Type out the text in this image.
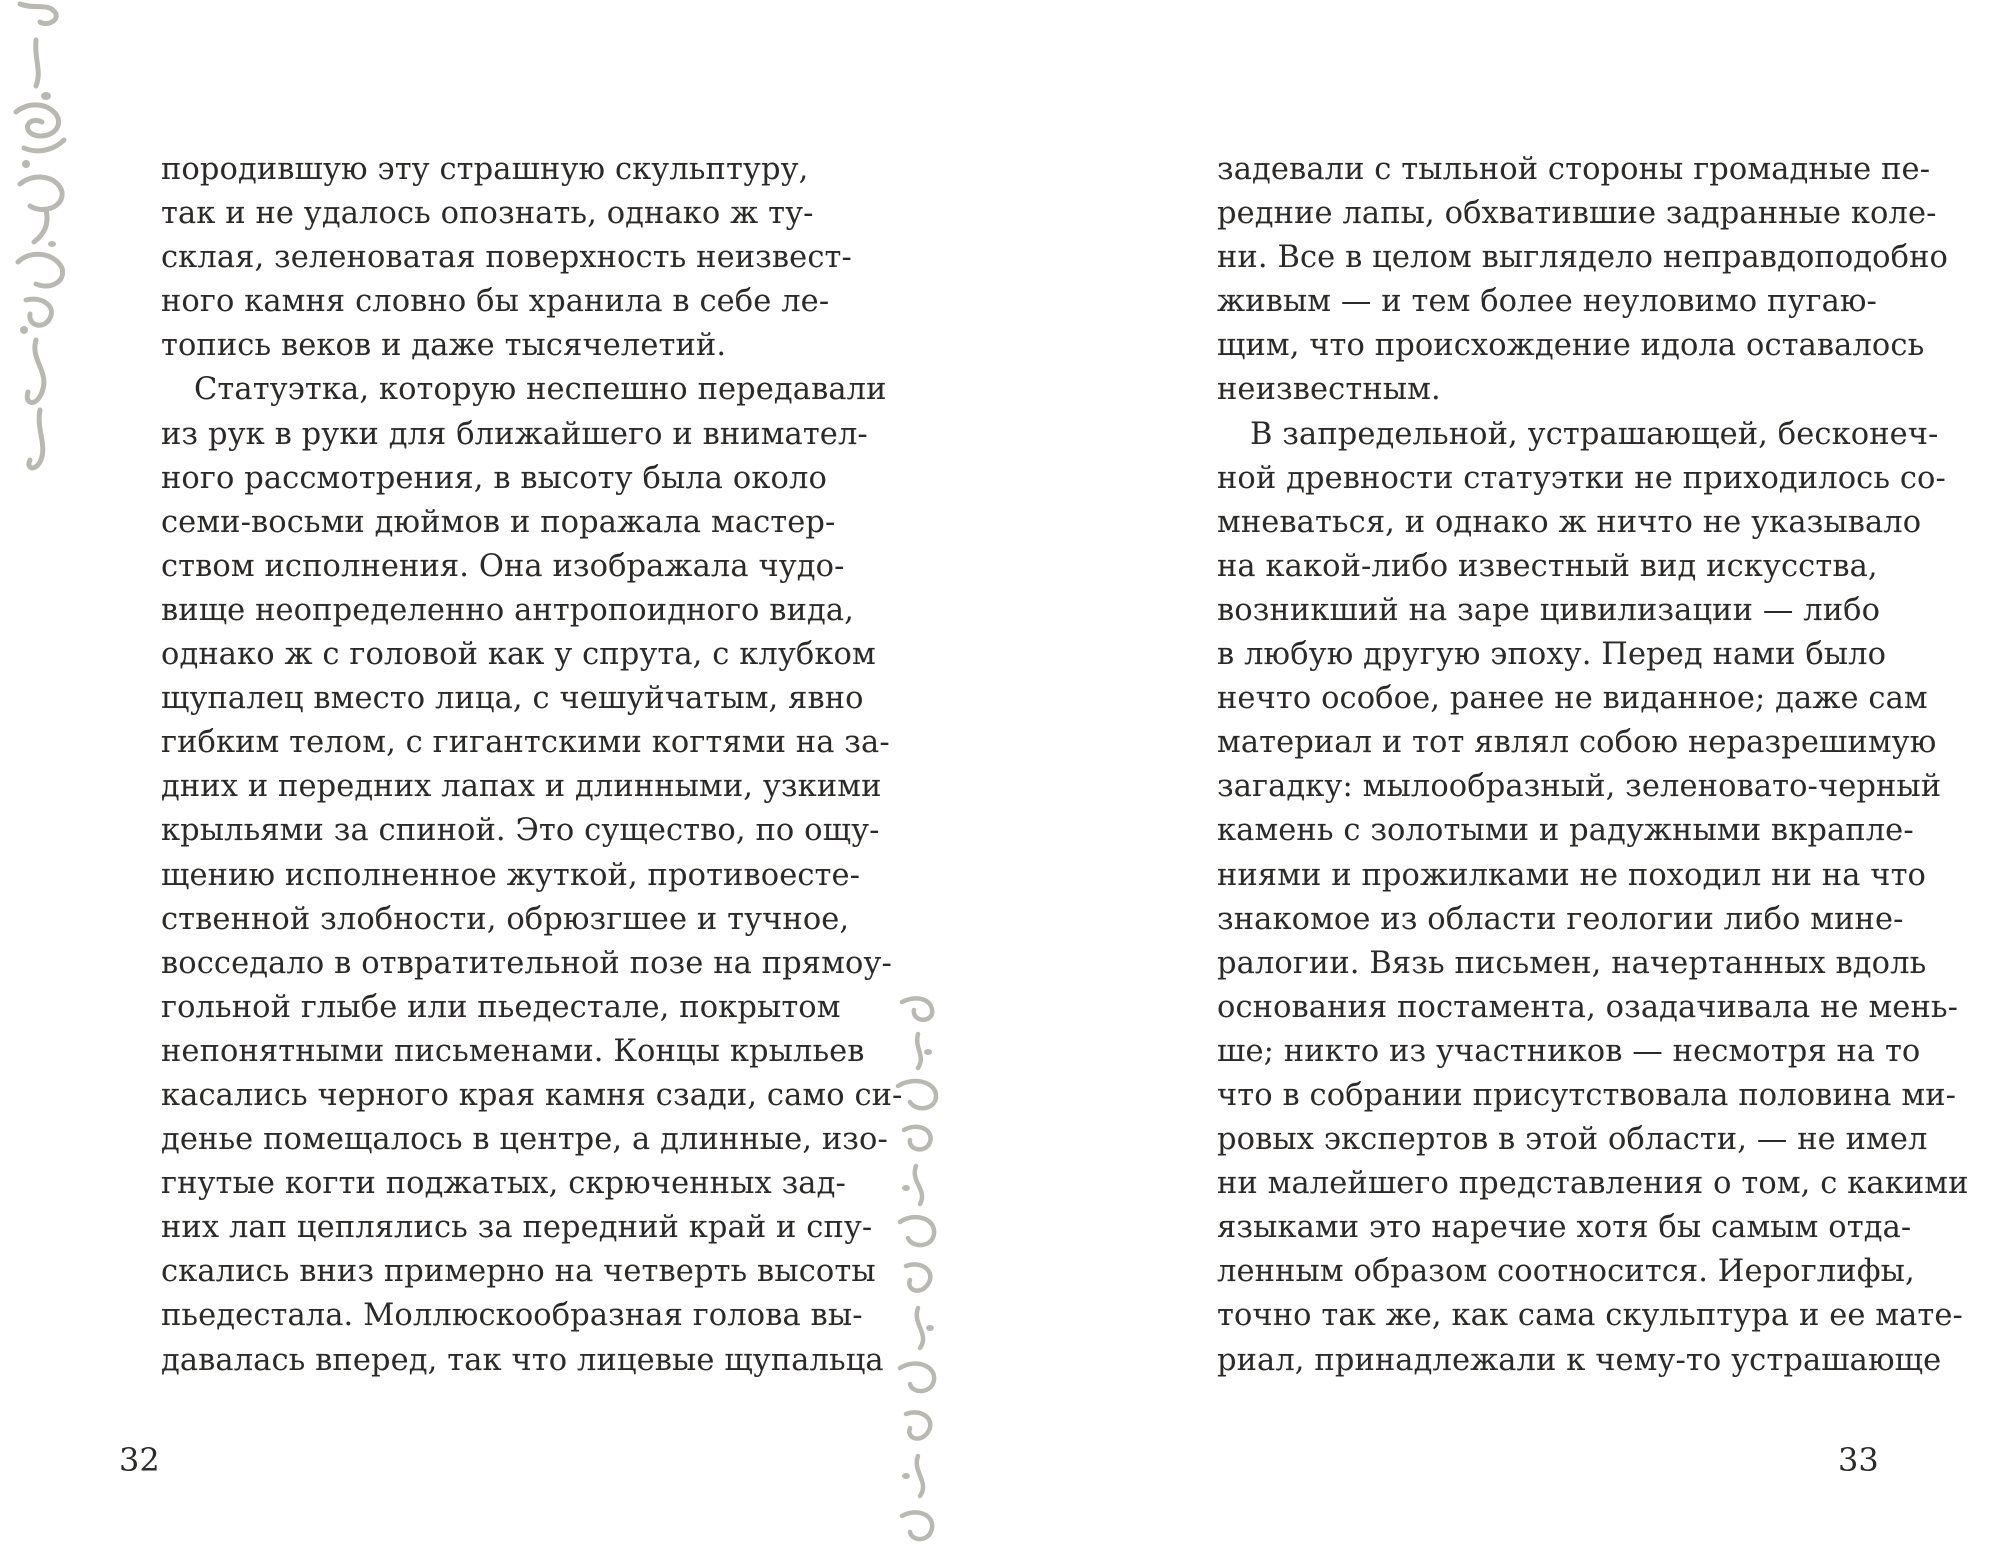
породившую эту страшную скульптуру,
так и не удалось опознать, однако ж ту-
склая, зеленоватая поверхность неизвест-
ного камня словно бы хранила в себе ле-
топись веков и даже тысячелетий.
Статуэтка, которую неспешно передавали
из рук в руки для ближайшего и внимател-
ного рассмотрения, в высоту была около
семи-восьми дюймов и поражала мастер-
ством исполнения. Она изображала чудо-
вище неопределенно антропоидного вида,
однако ж с головой как у спрута, с клубком
щупалец вместо лица, с чешуйчатым, явно
гибким телом, с гигантскими когтями на за-
дних и передних лапах и длинными, узкими
крыльями за спиной. Это существо, по ощу-
щению исполненное жуткой, противоесте-
ственной злобности, обрюзгшее и тучное,
восседало в отвратительной позе на прямоу-
гольной глыбе или пьедестале, покрытом
непонятными письменами. Концы крыльев
касались черного края камня сзади, само си-
денье помещалось в центре, а длинные, изо-
гнутые когти поджатых, скрюченных зад-
них лап цеплялись за передний край и спу-
скались вниз примерно на четверть высоты
пьедестала. Моллюскообразная голова вы-
давалась вперед, так что лицевые щупальца
задевали с тыльной стороны громадные пе-
редние лапы, обхватившие задранные коле-
ни. Все в целом выглядело неправдоподобно
живым — и тем более неуловимо пугаю-
щим, что происхождение идола оставалось
неизвестным.
В запредельной, устрашающей, бесконеч-
ной древности статуэтки не приходилось со-
мневаться, и однако ж ничто не указывало
на какой-либо известный вид искусства,
возникший на заре цивилизации — либо
в любую другую эпоху. Перед нами было
нечто особое, ранее не виданное; даже сам
материал и тот являл собою неразрешимую
загадку: мылообразный, зеленовато-черный
камень с золотыми и радужными вкрапле-
ниями и прожилками не походил ни на что
знакомое из области геологии либо мине-
ралогии. Вязь письмен, начертанных вдоль
основания постамента, озадачивала не мень-
ше; никто из участников — несмотря на то
что в собрании присутствовала половина ми-
ровых экспертов в этой области, — не имел
ни малейшего представления о том, с какими
языками это наречие хотя бы самым отда-
ленным образом соотносится. Иероглифы,
точно так же, как сама скульптура и ее мате-
риал, принадлежали к чему-то устрашающе
32	33
